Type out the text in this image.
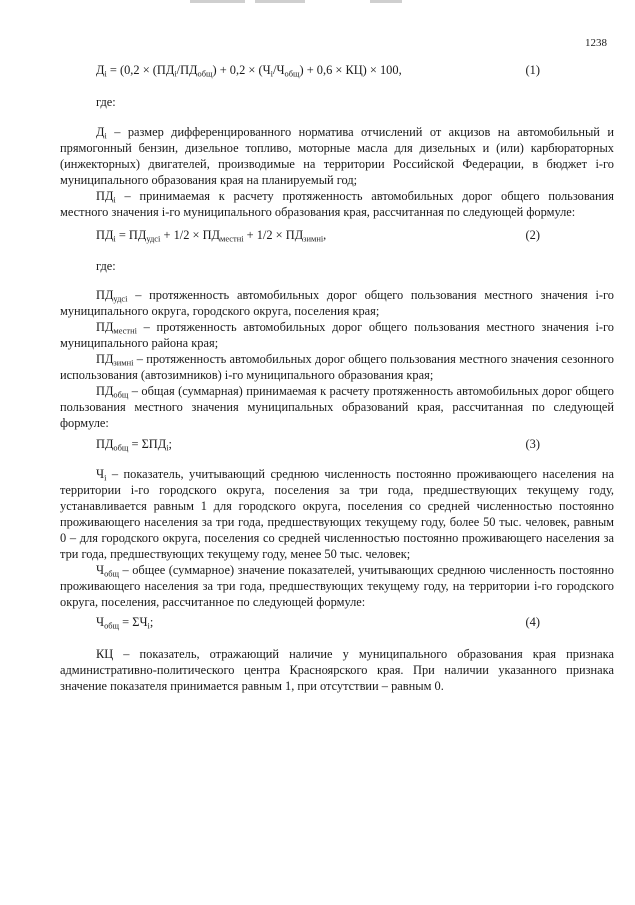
1238
$Д_i = (0,2 \times (ПД_i/ПД_{общ}) + 0,2 \times (Ч_i/Ч_{общ}) + 0,6 \times КЦ) \times 100$,	(1)
где:

$Д_i$ – размер дифференцированного норматива отчислений от акцизов на автомобильный и прямогонный бензин, дизельное топливо, моторные масла для дизельных и (или) карбюраторных (инжекторных) двигателей, производимые на территории Российской Федерации, в бюджет i-го муниципального образования края на планируемый год;

$ПД_i$ – принимаемая к расчету протяженность автомобильных дорог общего пользования местного значения i-го муниципального образования края, рассчитанная по следующей формуле:

$ПД_i = ПД_{удсi} + 1/2 \times ПД_{местнi} + 1/2 \times ПД_{зимнi}$,	(2)
где:

$ПД_{удсi}$ – протяженность автомобильных дорог общего пользования местного значения i-го муниципального округа, городского округа, поселения края;

$ПД_{местнi}$ – протяженность автомобильных дорог общего пользования местного значения i-го муниципального района края;

$ПД_{зимнi}$ – протяженность автомобильных дорог общего пользования местного значения сезонного использования (автозимников) i-го муниципального образования края;

$ПД_{общ}$ – общая (суммарная) принимаемая к расчету протяженность автомобильных дорог общего пользования местного значения муниципальных образований края, рассчитанная по следующей формуле:

$ПД_{общ} = \Sigma ПД_i$;	(3)

$Ч_i$ – показатель, учитывающий среднюю численность постоянно проживающего населения на территории i-го городского округа, поселения за три года, предшествующих текущему году, устанавливается равным 1 для городского округа, поселения со средней численностью постоянно проживающего населения за три года, предшествующих текущему году, более 50 тыс. человек, равным 0 – для городского округа, поселения со средней численностью постоянно проживающего населения за три года, предшествующих текущему году, менее 50 тыс. человек;

$Ч_{общ}$ – общее (суммарное) значение показателей, учитывающих среднюю численность постоянно проживающего населения за три года, предшествующих текущему году, на территории i-го городского округа, поселения, рассчитанное по следующей формуле:

$Ч_{общ} = \Sigma Ч_i$;	(4)

КЦ – показатель, отражающий наличие у муниципального образования края признака административно-политического центра Красноярского края. При наличии указанного признака значение показателя принимается равным 1, при отсутствии – равным 0.
